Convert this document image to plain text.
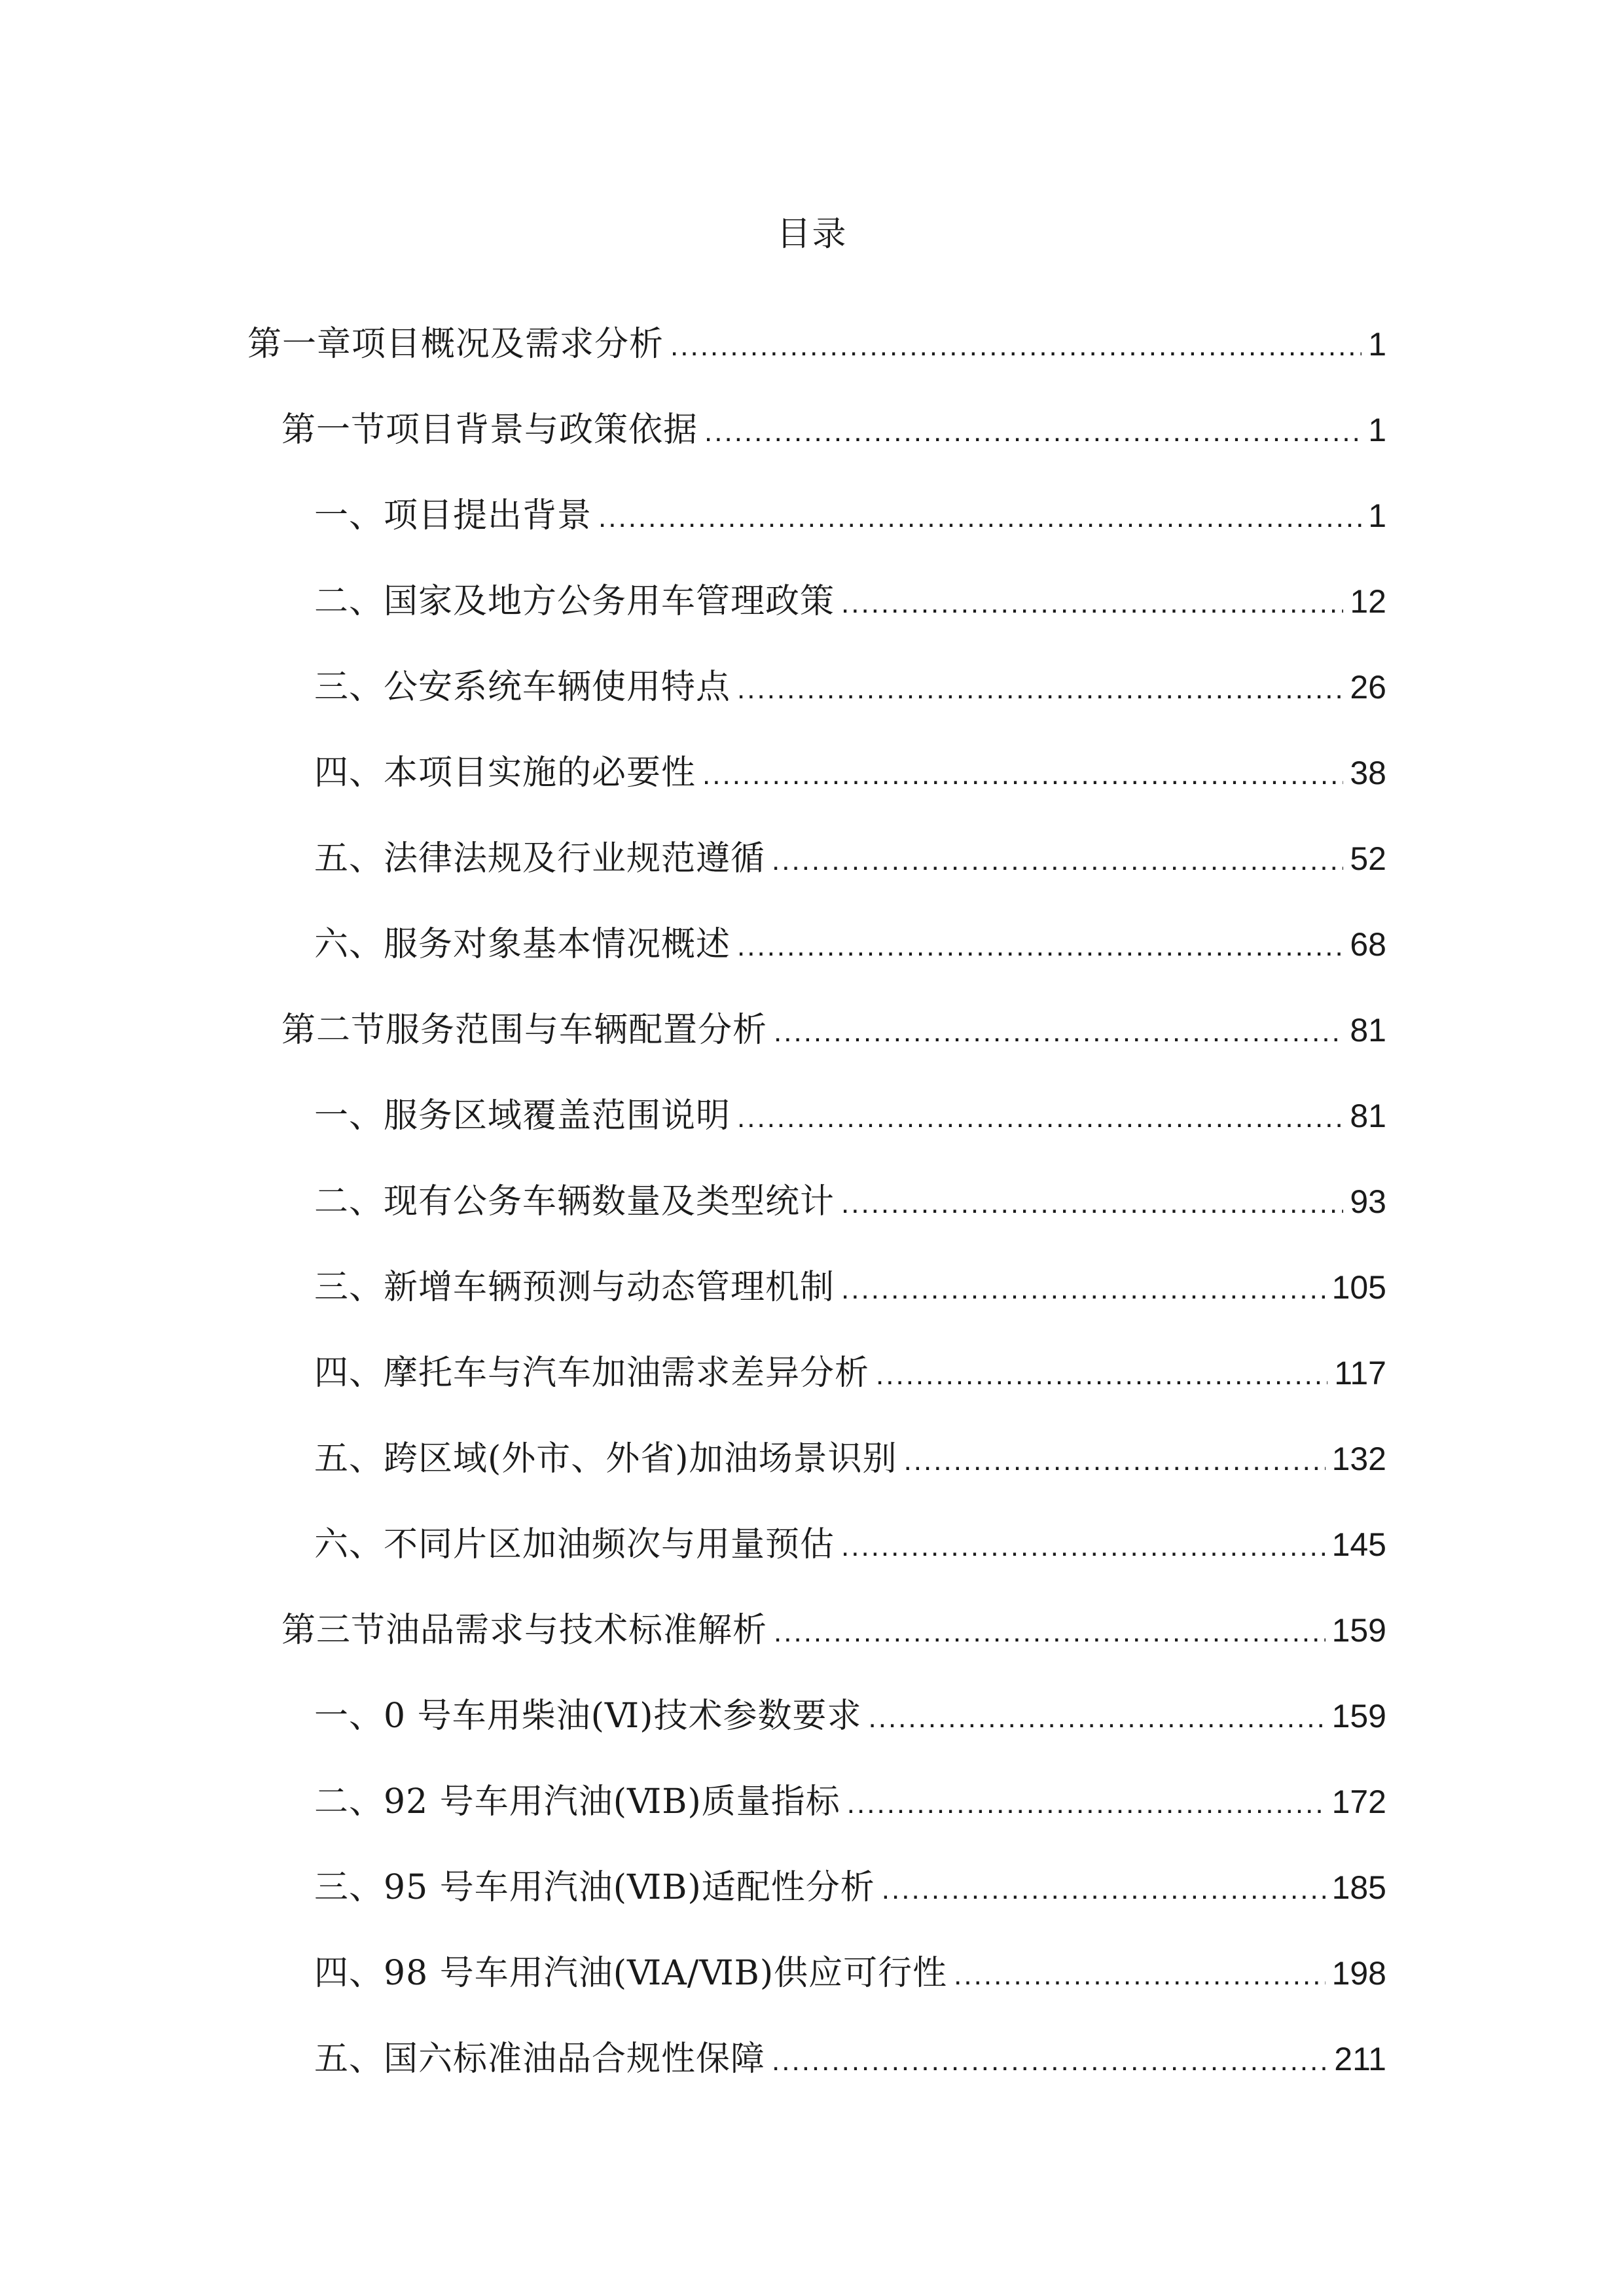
目录
第一章项目概况及需求分析 .....	1
第一节项目背景与政策依据 .....	1
一、项目提出背景 .....	1
二、国家及地方公务用车管理政策 .....	12
三、公安系统车辆使用特点 .....	26
四、本项目实施的必要性 .....	38
五、法律法规及行业规范遵循 .....	52
六、服务对象基本情况概述 .....	68
第二节服务范围与车辆配置分析 .....	81
一、服务区域覆盖范围说明 .....	81
二、现有公务车辆数量及类型统计 .....	93
三、新增车辆预测与动态管理机制 .....	105
四、摩托车与汽车加油需求差异分析 .....	117
五、跨区域(外市、外省)加油场景识别 .....	132
六、不同片区加油频次与用量预估 .....	145
第三节油品需求与技术标准解析 .....	159
一、0 号车用柴油(Ⅵ)技术参数要求 .....	159
二、92 号车用汽油(ⅥB)质量指标 .....	172
三、95 号车用汽油(ⅥB)适配性分析 .....	185
四、98 号车用汽油(ⅥA/ⅥB)供应可行性 .....	198
五、国六标准油品合规性保障 .....	211
